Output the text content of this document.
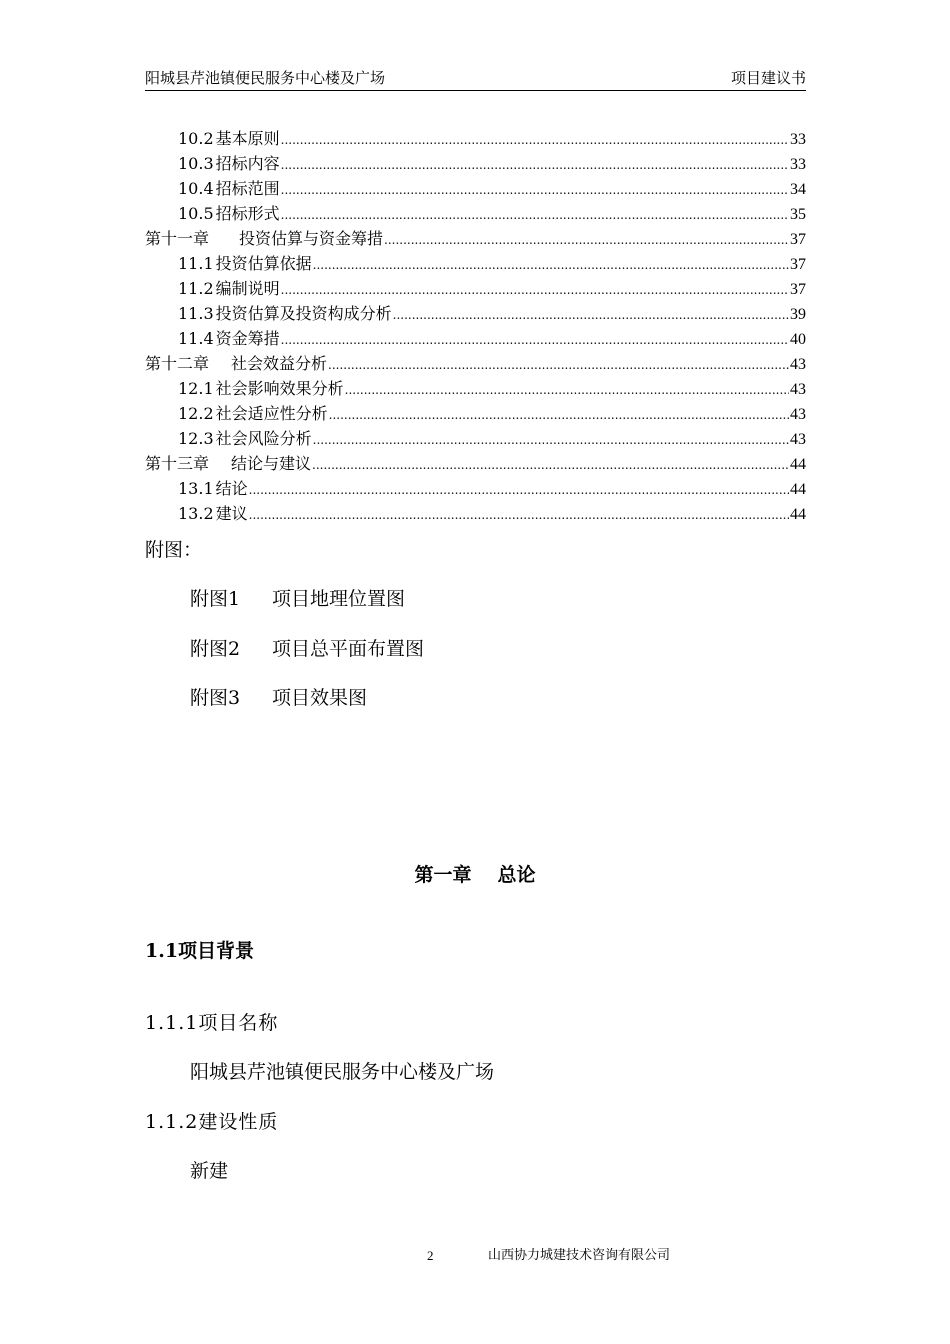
阳城县芹池镇便民服务中心楼及广场	项目建议书
10.2 基本原则 .....	33
10.3 招标内容 .....	33
10.4 招标范围 .....	34
10.5 招标形式 .....	35
第十一章 投资估算与资金筹措 .....	37
11.1 投资估算依据 .....	37
11.2 编制说明 .....	37
11.3 投资估算及投资构成分析 .....	39
11.4 资金筹措 .....	40
第十二章 社会效益分析 .....	43
12.1 社会影响效果分析 .....	43
12.2 社会适应性分析 .....	43
12.3 社会风险分析 .....	43
第十三章 结论与建议 .....	44
13.1 结论 .....	44
13.2 建议 .....	44
附图：
附图1 项目地理位置图
附图2 项目总平面布置图
附图3 项目效果图
第一章 总论
1.1项目背景
1.1.1项目名称
阳城县芹池镇便民服务中心楼及广场
1.1.2建设性质
新建
2	山西协力城建技术咨询有限公司
